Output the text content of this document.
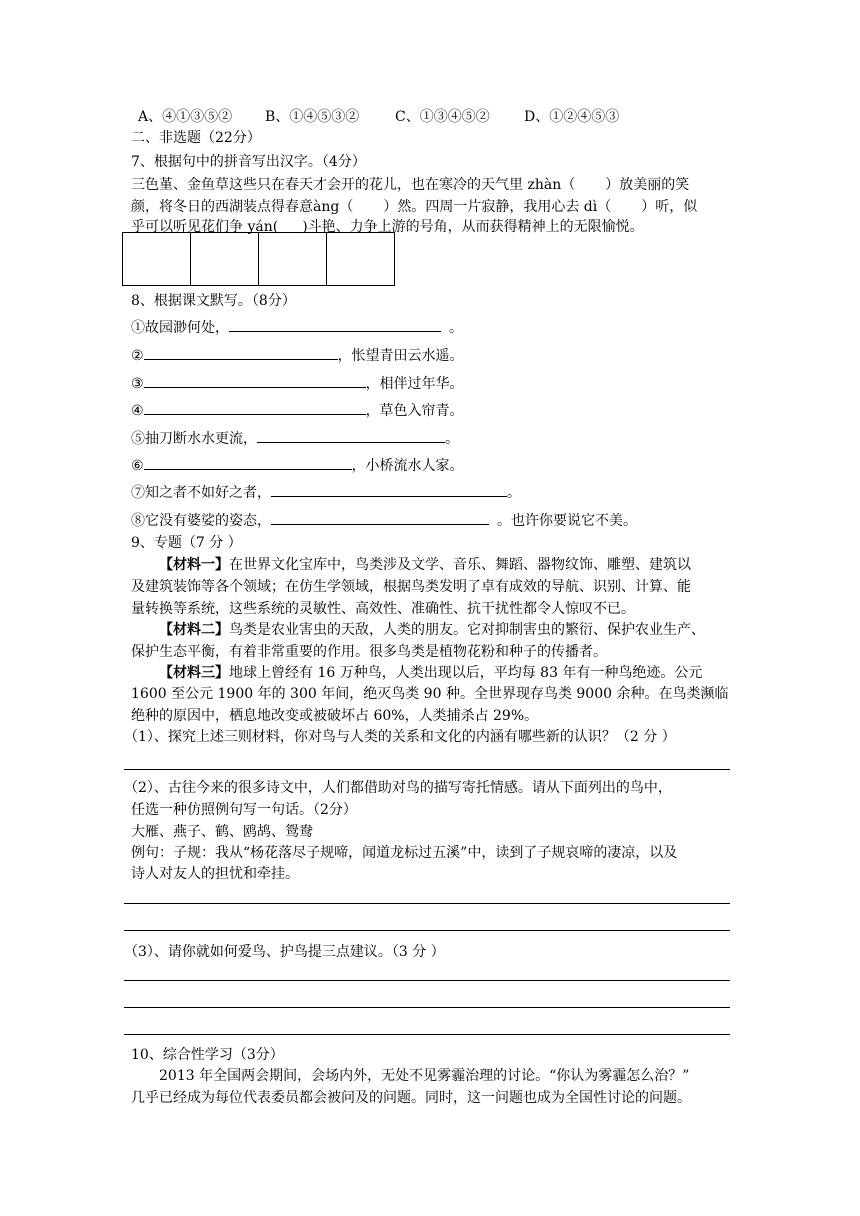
A、④①③⑤② B、①④⑤③②	C、①③④⑤② D、①②④⑤③
二、非选题（22分）
7、根据句中的拼音写出汉字。（4分）
三色堇、金鱼草这些只在春天才会开的花儿，也在寒冷的天气里 zhàn（ ）放美丽的笑
颜，将冬日的西湖装点得春意àng（ ）然。四周一片寂静，我用心去 dì（ ）听，似
乎可以听见花们争 yán( )斗艳、力争上游的号角，从而获得精神上的无限愉悦。
8、根据课文默写。（8分）
①故园渺何处，	。
②	，怅望青田云水遥。
③	，相伴过年华。
④	，草色入帘青。
⑤抽刀断水水更流，	。
⑥	，小桥流水人家。
⑦知之者不如好之者，	。
⑧它没有婆娑的姿态，	。也许你要说它不美。
9、专题（7 分 ）
【材料一】在世界文化宝库中，鸟类涉及文学、音乐、舞蹈、器物纹饰、雕塑、建筑以
及建筑装饰等各个领域；在仿生学领域，根据鸟类发明了卓有成效的导航、识别、计算、能
量转换等系统，这些系统的灵敏性、高效性、准确性、抗干扰性都令人惊叹不已。
【材料二】鸟类是农业害虫的天敌，人类的朋友。它对抑制害虫的繁衍、保护农业生产、
保护生态平衡，有着非常重要的作用。很多鸟类是植物花粉和种子的传播者。
【材料三】地球上曾经有 16 万种鸟，人类出现以后，平均每 83 年有一种鸟绝迹。公元
1600 至公元 1900 年的 300 年间，绝灭鸟类 90 种。全世界现存鸟类 9000 余种。在鸟类濒临
绝种的原因中，栖息地改变或被破坏占 60%，人类捕杀占 29%。
（1）、探究上述三则材料，你对鸟与人类的关系和文化的内涵有哪些新的认识？（2 分 ）
（2）、古往今来的很多诗文中，人们都借助对鸟的描写寄托情感。请从下面列出的鸟中，
任选一种仿照例句写一句话。（2分）
大雁、燕子、鹤、鸥鸪、鸳鸯
例句：子规：我从“杨花落尽子规啼，闻道龙标过五溪”中，读到了子规哀啼的凄凉，以及
诗人对友人的担忧和牵挂。
（3）、请你就如何爱鸟、护鸟提三点建议。（3 分 ）
10、综合性学习（3分）
2013 年全国两会期间，会场内外，无处不见雾霾治理的讨论。“你认为雾霾怎么治？”
几乎已经成为每位代表委员都会被问及的问题。同时，这一问题也成为全国性讨论的问题。
